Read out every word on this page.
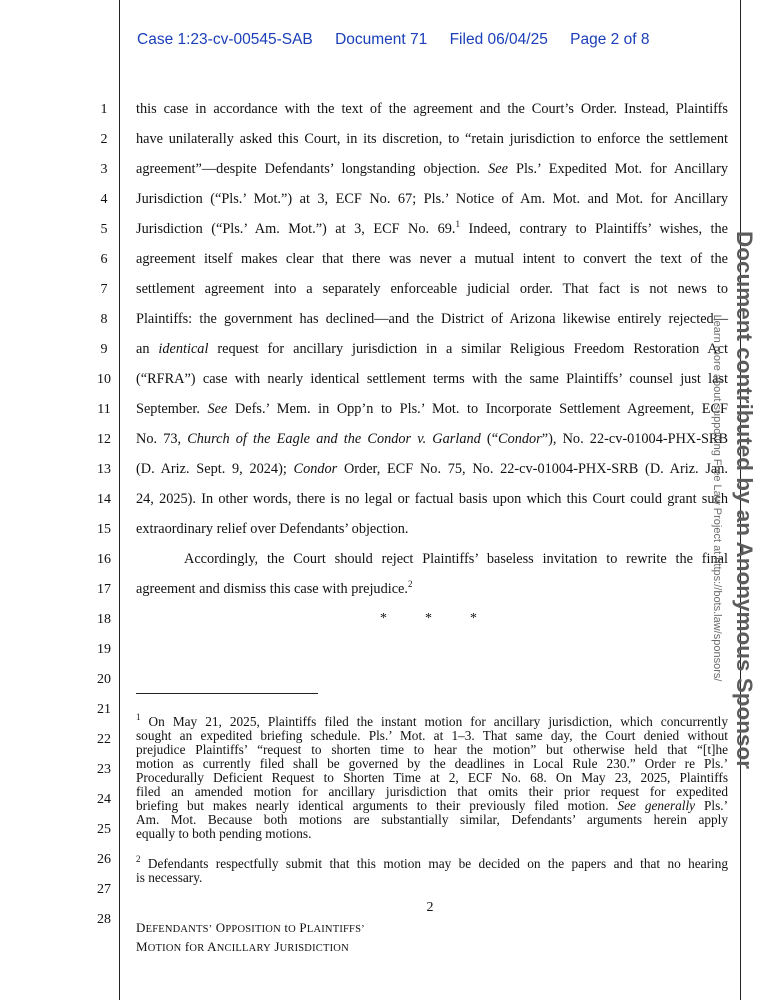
Case 1:23-cv-00545-SAB Document 71 Filed 06/04/25 Page 2 of 8
1
2
3
4
5
6
7
8
9
10
11
12
13
14
15
16
17
18
19
20
21
22
23
24
25
26
27
28
this case in accordance with the text of the agreement and the Court’s Order. Instead, Plaintiffs
have unilaterally asked this Court, in its discretion, to “retain jurisdiction to enforce the settlement
agreement”—despite Defendants’ longstanding objection. See Pls.’ Expedited Mot. for Ancillary
Jurisdiction (“Pls.’ Mot.”) at 3, ECF No. 67; Pls.’ Notice of Am. Mot. and Mot. for Ancillary
Jurisdiction (“Pls.’ Am. Mot.”) at 3, ECF No. 69.$^1$ Indeed, contrary to Plaintiffs’ wishes, the
agreement itself makes clear that there was never a mutual intent to convert the text of the
settlement agreement into a separately enforceable judicial order. That fact is not news to
Plaintiffs: the government has declined—and the District of Arizona likewise entirely rejected—
an identical request for ancillary jurisdiction in a similar Religious Freedom Restoration Act
(“RFRA”) case with nearly identical settlement terms with the same Plaintiffs’ counsel just last
September. See Defs.’ Mem. in Opp’n to Pls.’ Mot. to Incorporate Settlement Agreement, ECF
No. 73, Church of the Eagle and the Condor v. Garland (“Condor”), No. 22-cv-01004-PHX-SRB
(D. Ariz. Sept. 9, 2024); Condor Order, ECF No. 75, No. 22-cv-01004-PHX-SRB (D. Ariz. Jan.
24, 2025). In other words, there is no legal or factual basis upon which this Court could grant such
extraordinary relief over Defendants’ objection.
Accordingly, the Court should reject Plaintiffs’ baseless invitation to rewrite the final
agreement and dismiss this case with prejudice.$^2$
*	*	*
$^1$ On May 21, 2025, Plaintiffs filed the instant motion for ancillary jurisdiction, which concurrently
sought an expedited briefing schedule. Pls.’ Mot. at 1–3. That same day, the Court denied without
prejudice Plaintiffs’ “request to shorten time to hear the motion” but otherwise held that “[t]he
motion as currently filed shall be governed by the deadlines in Local Rule 230.” Order re Pls.’
Procedurally Deficient Request to Shorten Time at 2, ECF No. 68. On May 23, 2025, Plaintiffs
filed an amended motion for ancillary jurisdiction that omits their prior request for expedited
briefing but makes nearly identical arguments to their previously filed motion. See generally Pls.’
Am. Mot. Because both motions are substantially similar, Defendants’ arguments herein apply
equally to both pending motions.
$^2$ Defendants respectfully submit that this motion may be decided on the papers and that no hearing
is necessary.
2
DEFENDANTS’ OPPOSITION tO PLAINTIFFS’
MOTION fOR ANCILLARY JURISDICTION
Document contributed by an Anonymous Sponsor
Learn more about supporting Free Law Project at https://bots.law/sponsors/
